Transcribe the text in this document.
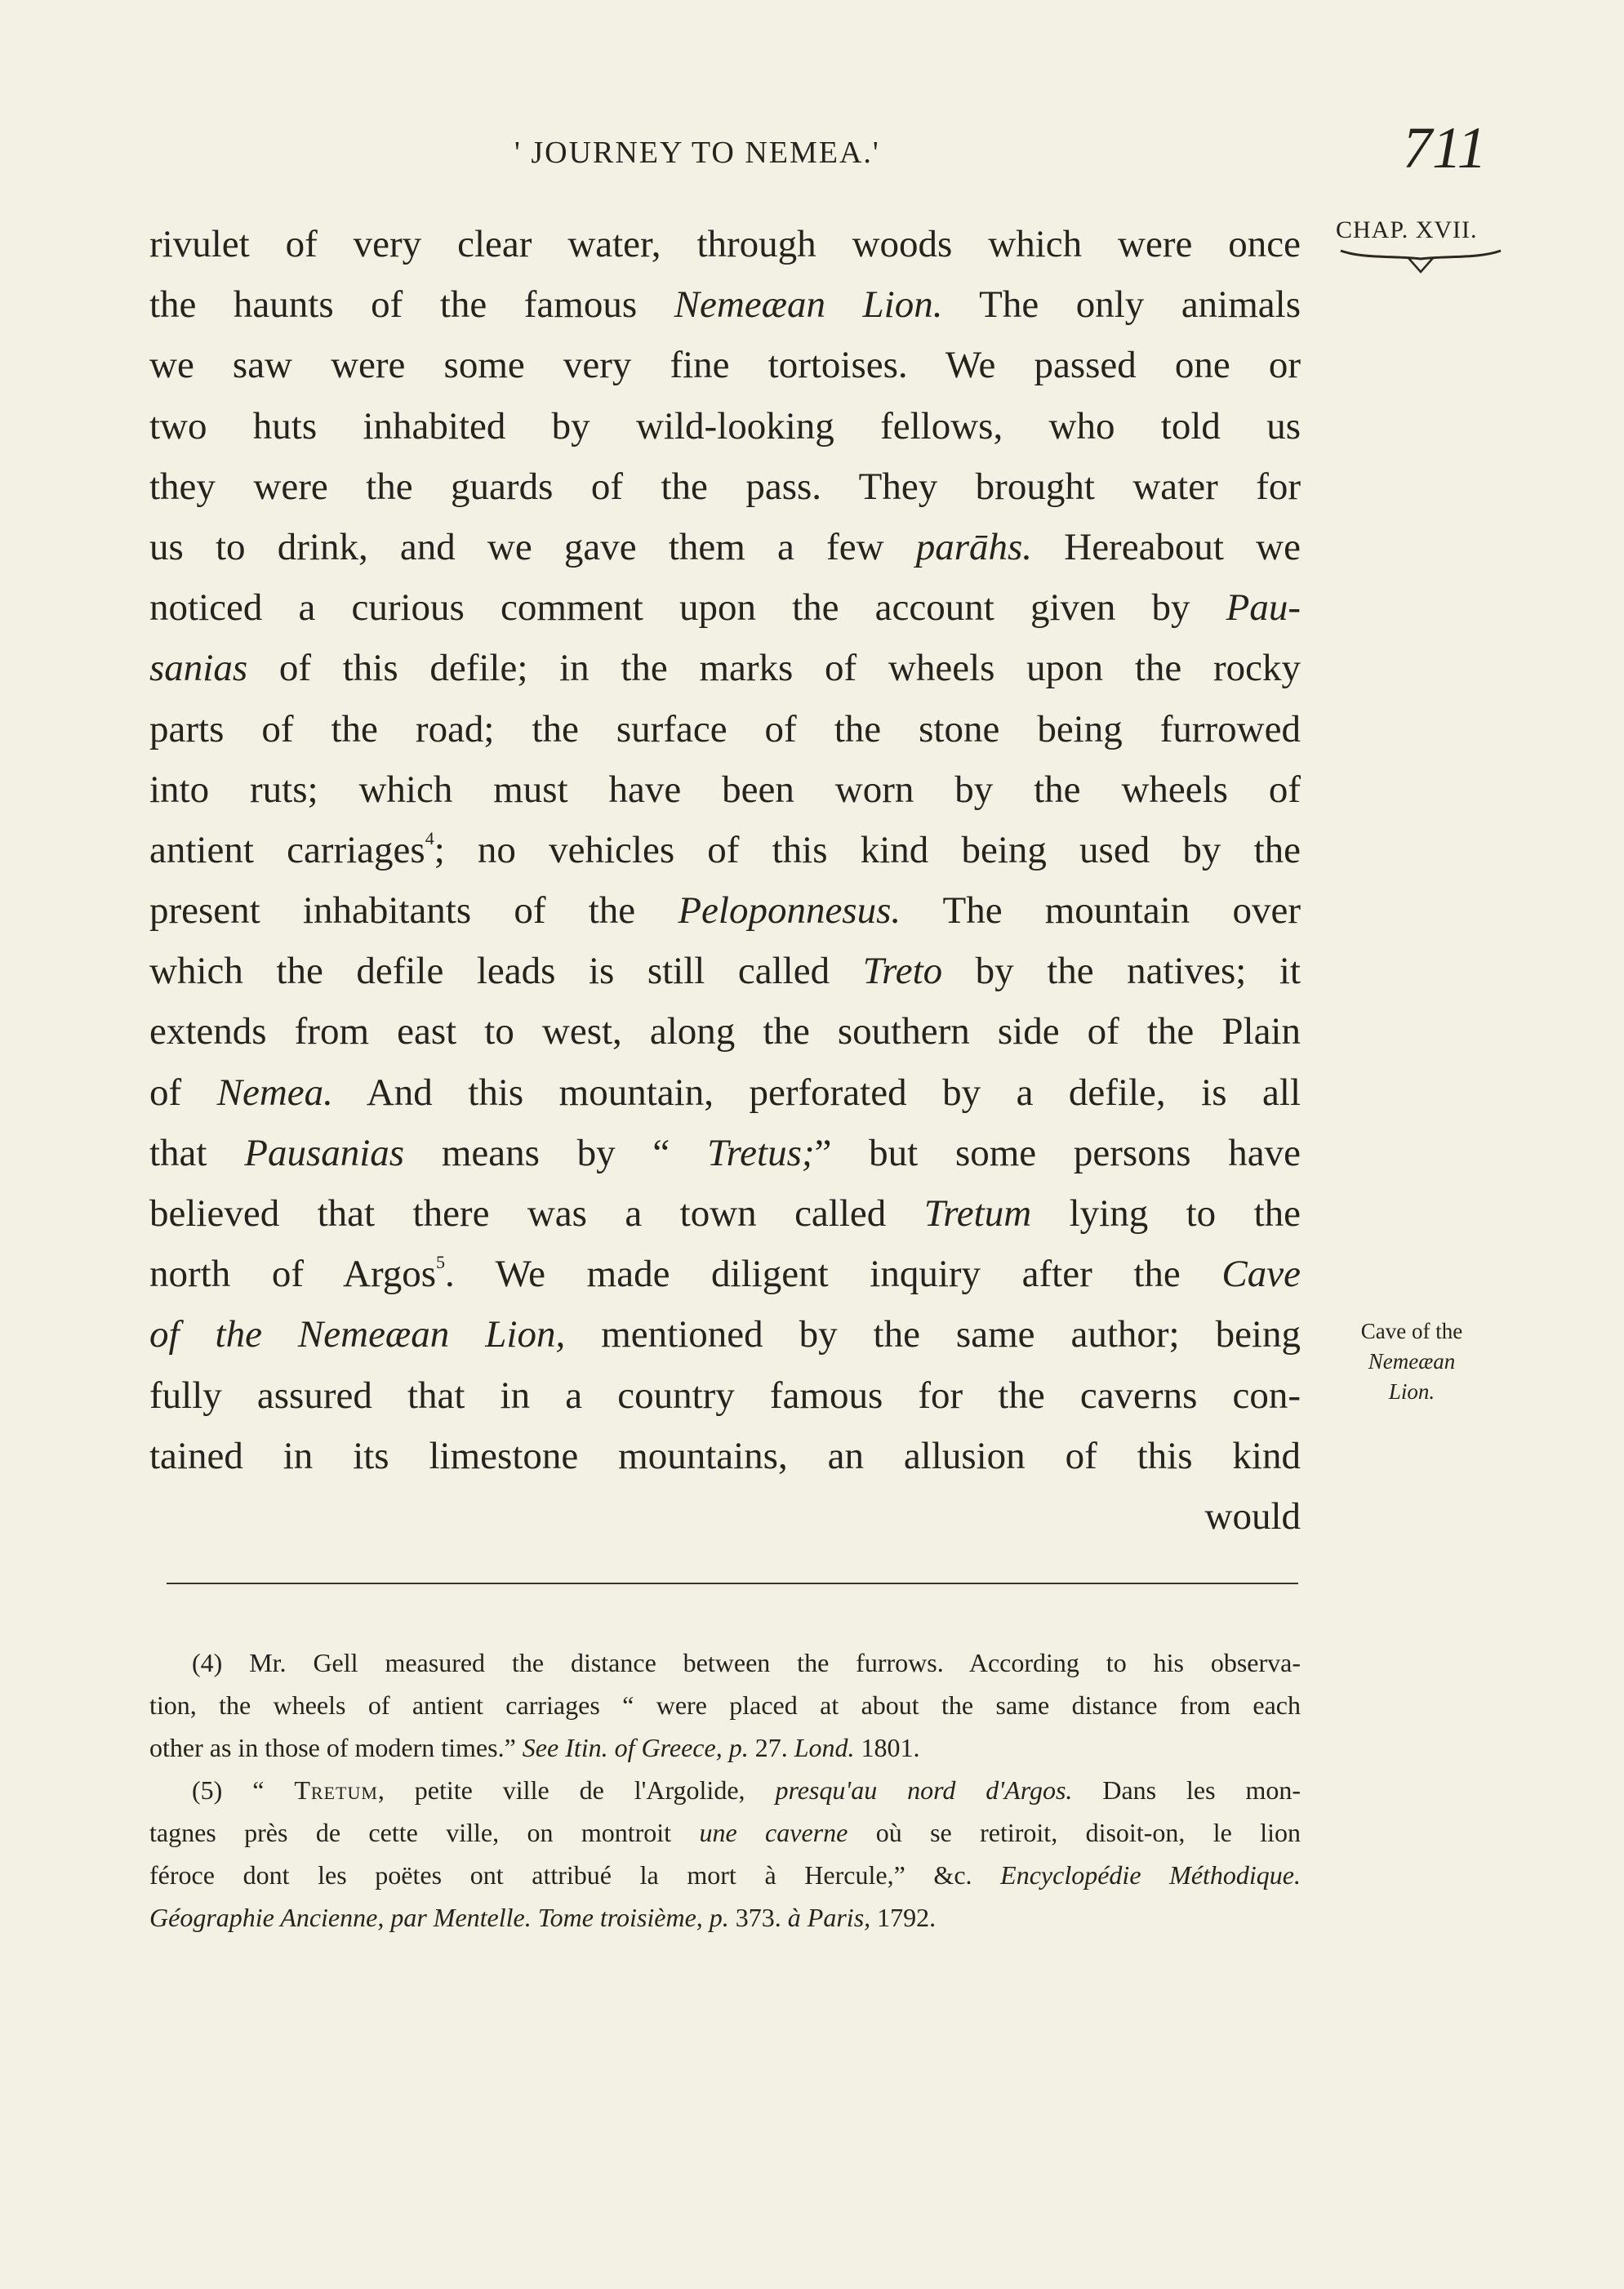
' JOURNEY TO NEMEA.'	711
CHAP. XVII.
rivulet of very clear water, through woods which were once
the haunts of the famous Nemeæan Lion. The only animals
we saw were some very fine tortoises. We passed one or
two huts inhabited by wild-looking fellows, who told us
they were the guards of the pass. They brought water for
us to drink, and we gave them a few parāhs. Hereabout we
noticed a curious comment upon the account given by Pau-
sanias of this defile; in the marks of wheels upon the rocky
parts of the road; the surface of the stone being furrowed
into ruts; which must have been worn by the wheels of
antient carriages$^4$; no vehicles of this kind being used by the
present inhabitants of the Peloponnesus. The mountain over
which the defile leads is still called Treto by the natives; it
extends from east to west, along the southern side of the Plain
of Nemea. And this mountain, perforated by a defile, is all
that Pausanias means by “ Tretus;” but some persons have
believed that there was a town called Tretum lying to the
north of Argos$^5$. We made diligent inquiry after the Cave
of the Nemeæan Lion, mentioned by the same author; being
fully assured that in a country famous for the caverns con-
tained in its limestone mountains, an allusion of this kind
would
Cave of the
Nemeæan
Lion.
(4) Mr. Gell measured the distance between the furrows. According to his observa-
tion, the wheels of antient carriages “ were placed at about the same distance from each
other as in those of modern times.” See Itin. of Greece, p. 27. Lond. 1801.
(5) “ Tretum, petite ville de l'Argolide, presqu'au nord d'Argos. Dans les mon-
tagnes près de cette ville, on montroit une caverne où se retiroit, disoit-on, le lion
féroce dont les poëtes ont attribué la mort à Hercule,” &c. Encyclopédie Méthodique.
Géographie Ancienne, par Mentelle. Tome troisième, p. 373. à Paris, 1792.
